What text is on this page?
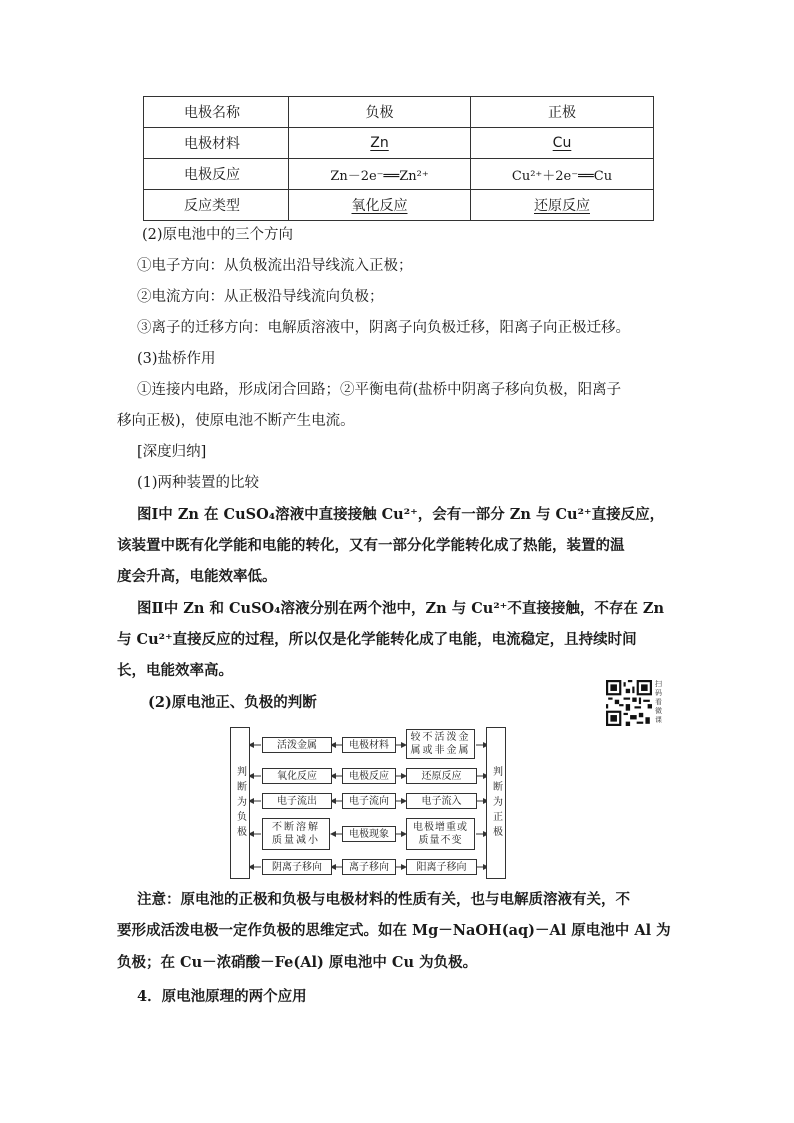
电极名称	负极	正极
电极材料	Zn	Cu
电极反应	Zn－2e⁻══Zn²⁺	Cu²⁺＋2e⁻══Cu
反应类型	氧化反应	还原反应
(2)原电池中的三个方向
①电子方向：从负极流出沿导线流入正极；
②电流方向：从正极沿导线流向负极；
③离子的迁移方向：电解质溶液中，阴离子向负极迁移，阳离子向正极迁移。
(3)盐桥作用
①连接内电路，形成闭合回路；②平衡电荷(盐桥中阴离子移向负极，阳离子
移向正极)，使原电池不断产生电流。
[深度归纳]
(1)两种装置的比较
图Ⅰ中 Zn 在 CuSO₄溶液中直接接触 Cu²⁺，会有一部分 Zn 与 Cu²⁺直接反应，
该装置中既有化学能和电能的转化，又有一部分化学能转化成了热能，装置的温
度会升高，电能效率低。
图Ⅱ中 Zn 和 CuSO₄溶液分别在两个池中，Zn 与 Cu²⁺不直接接触，不存在 Zn
与 Cu²⁺直接反应的过程，所以仅是化学能转化成了电能，电流稳定，且持续时间
长，电能效率高。
(2)原电池正、负极的判断
扫码看微课
判断为负极	判断为正极
活泼金属	电极材料
较不活泼金属或非金属
氧化反应	电极反应	还原反应
电子流出	电子流向	电子流入
不断溶解质量减小
电极现象
电极增重或质量不变
阴离子移向	离子移向	阳离子移向
注意：原电池的正极和负极与电极材料的性质有关，也与电解质溶液有关，不
要形成活泼电极一定作负极的思维定式。如在 Mg－NaOH(aq)－Al 原电池中 Al 为
负极；在 Cu－浓硝酸－Fe(Al) 原电池中 Cu 为负极。
4．原电池原理的两个应用
